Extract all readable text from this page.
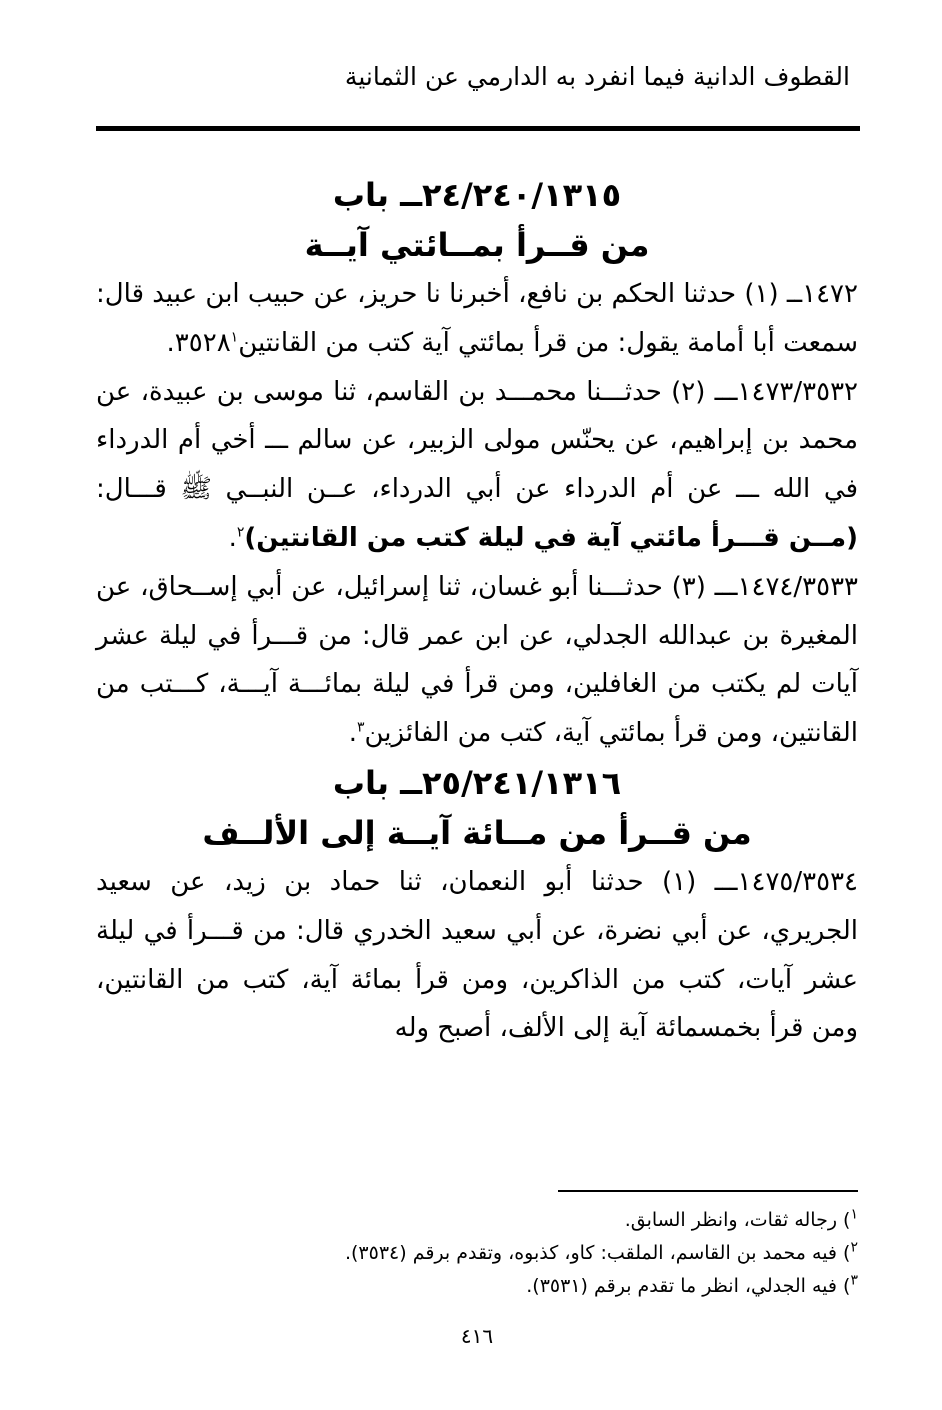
القطوف الدانية فيما انفرد به الدارمي عن الثمانية

٢٤/٢٤٠/١٣١٥ــ باب

من قــرأ بمــائتي آيــة

١٤٧٢ــ (١) حدثنا الحكم بن نافع، أخبرنا نا حريز، عن حبيب ابن عبيد قال: سمعت أبا أمامة يقول: من قرأ بمائتي آية كتب من القانتين٣٥٢٨$^١$.

١٤٧٣/٣٥٣٢ـــ (٢) حدثـــنا محمـــد بن القاسم، ثنا موسى بن عبيدة، عن محمد بن إبراهيم، عن يحنّس مولى الزبير، عن سالم ـــ أخي أم الدرداء في الله ـــ عن أم الدرداء عن أبي الدرداء، عــن النبــي ﷺ قـــال: (مــن قـــرأ مائتي آية في ليلة كتب من القانتين)$^٢$.

١٤٧٤/٣٥٣٣ـــ (٣) حدثـــنا أبو غسان، ثنا إسرائيل، عن أبي إســحاق، عن المغيرة بن عبدالله الجدلي، عن ابن عمر قال: من قـــرأ في ليلة عشر آيات لم يكتب من الغافلين، ومن قرأ في ليلة بمائـــة آيـــة، كـــتب من القانتين، ومن قرأ بمائتي آية، كتب من الفائزين$^٣$.

٢٥/٢٤١/١٣١٦ــ باب

من قــرأ من مــائة آيــة إلى الألــف

١٤٧٥/٣٥٣٤ـــ (١) حدثنا أبو النعمان، ثنا حماد بن زيد، عن سعيد الجريري، عن أبي نضرة، عن أبي سعيد الخدري قال: من قـــرأ في ليلة عشر آيات، كتب من الذاكرين، ومن قرأ بمائة آية، كتب من القانتين، ومن قرأ بخمسمائة آية إلى الألف، أصبح وله

$^١$) رجاله ثقات، وانظر السابق.

$^٢$) فيه محمد بن القاسم، الملقب: كاو، كذبوه، وتقدم برقم (٣٥٣٤).

$^٣$) فيه الجدلي، انظر ما تقدم برقم (٣٥٣١).

٤١٦
